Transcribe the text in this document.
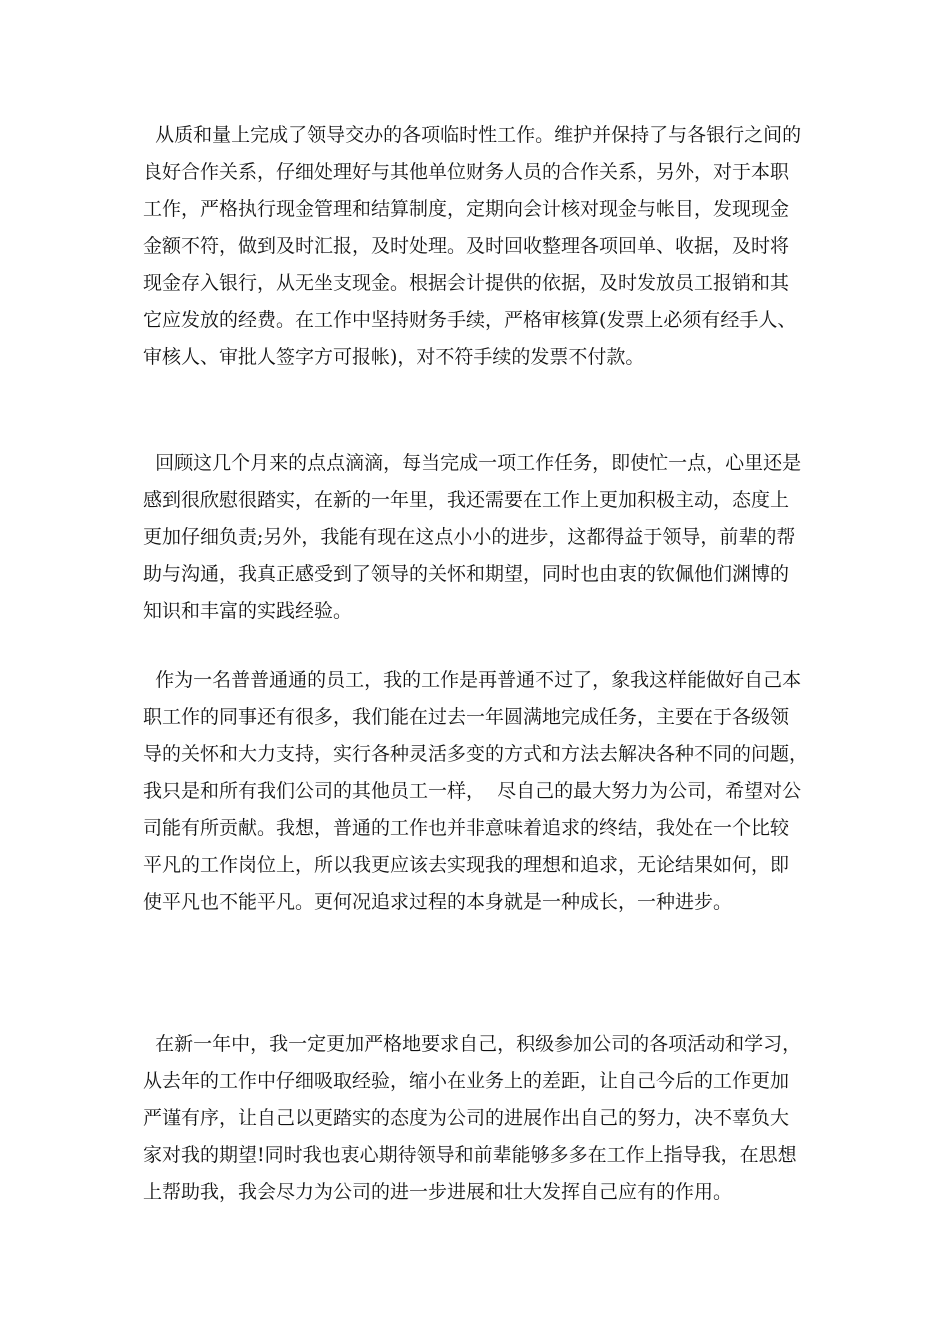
从质和量上完成了领导交办的各项临时性工作。维护并保持了与各银行之间的
良好合作关系，仔细处理好与其他单位财务人员的合作关系，另外，对于本职
工作，严格执行现金管理和结算制度，定期向会计核对现金与帐目，发现现金
金额不符，做到及时汇报，及时处理。及时回收整理各项回单、收据，及时将
现金存入银行，从无坐支现金。根据会计提供的依据，及时发放员工报销和其
它应发放的经费。在工作中坚持财务手续，严格审核算(发票上必须有经手人、
审核人、审批人签字方可报帐)，对不符手续的发票不付款。
回顾这几个月来的点点滴滴，每当完成一项工作任务，即使忙一点，心里还是
感到很欣慰很踏实，在新的一年里，我还需要在工作上更加积极主动，态度上
更加仔细负责;另外，我能有现在这点小小的进步，这都得益于领导，前辈的帮
助与沟通，我真正感受到了领导的关怀和期望，同时也由衷的钦佩他们渊博的
知识和丰富的实践经验。
作为一名普普通通的员工，我的工作是再普通不过了，象我这样能做好自己本
职工作的同事还有很多，我们能在过去一年圆满地完成任务，主要在于各级领
导的关怀和大力支持，实行各种灵活多变的方式和方法去解决各种不同的问题，
我只是和所有我们公司的其他员工一样，  尽自己的最大努力为公司，希望对公
司能有所贡献。我想，普通的工作也并非意味着追求的终结，我处在一个比较
平凡的工作岗位上，所以我更应该去实现我的理想和追求，无论结果如何，即
使平凡也不能平凡。更何况追求过程的本身就是一种成长，一种进步。
在新一年中，我一定更加严格地要求自己，积级参加公司的各项活动和学习，
从去年的工作中仔细吸取经验，缩小在业务上的差距，让自己今后的工作更加
严谨有序，让自己以更踏实的态度为公司的进展作出自己的努力，决不辜负大
家对我的期望!同时我也衷心期待领导和前辈能够多多在工作上指导我，在思想
上帮助我，我会尽力为公司的进一步进展和壮大发挥自己应有的作用。
